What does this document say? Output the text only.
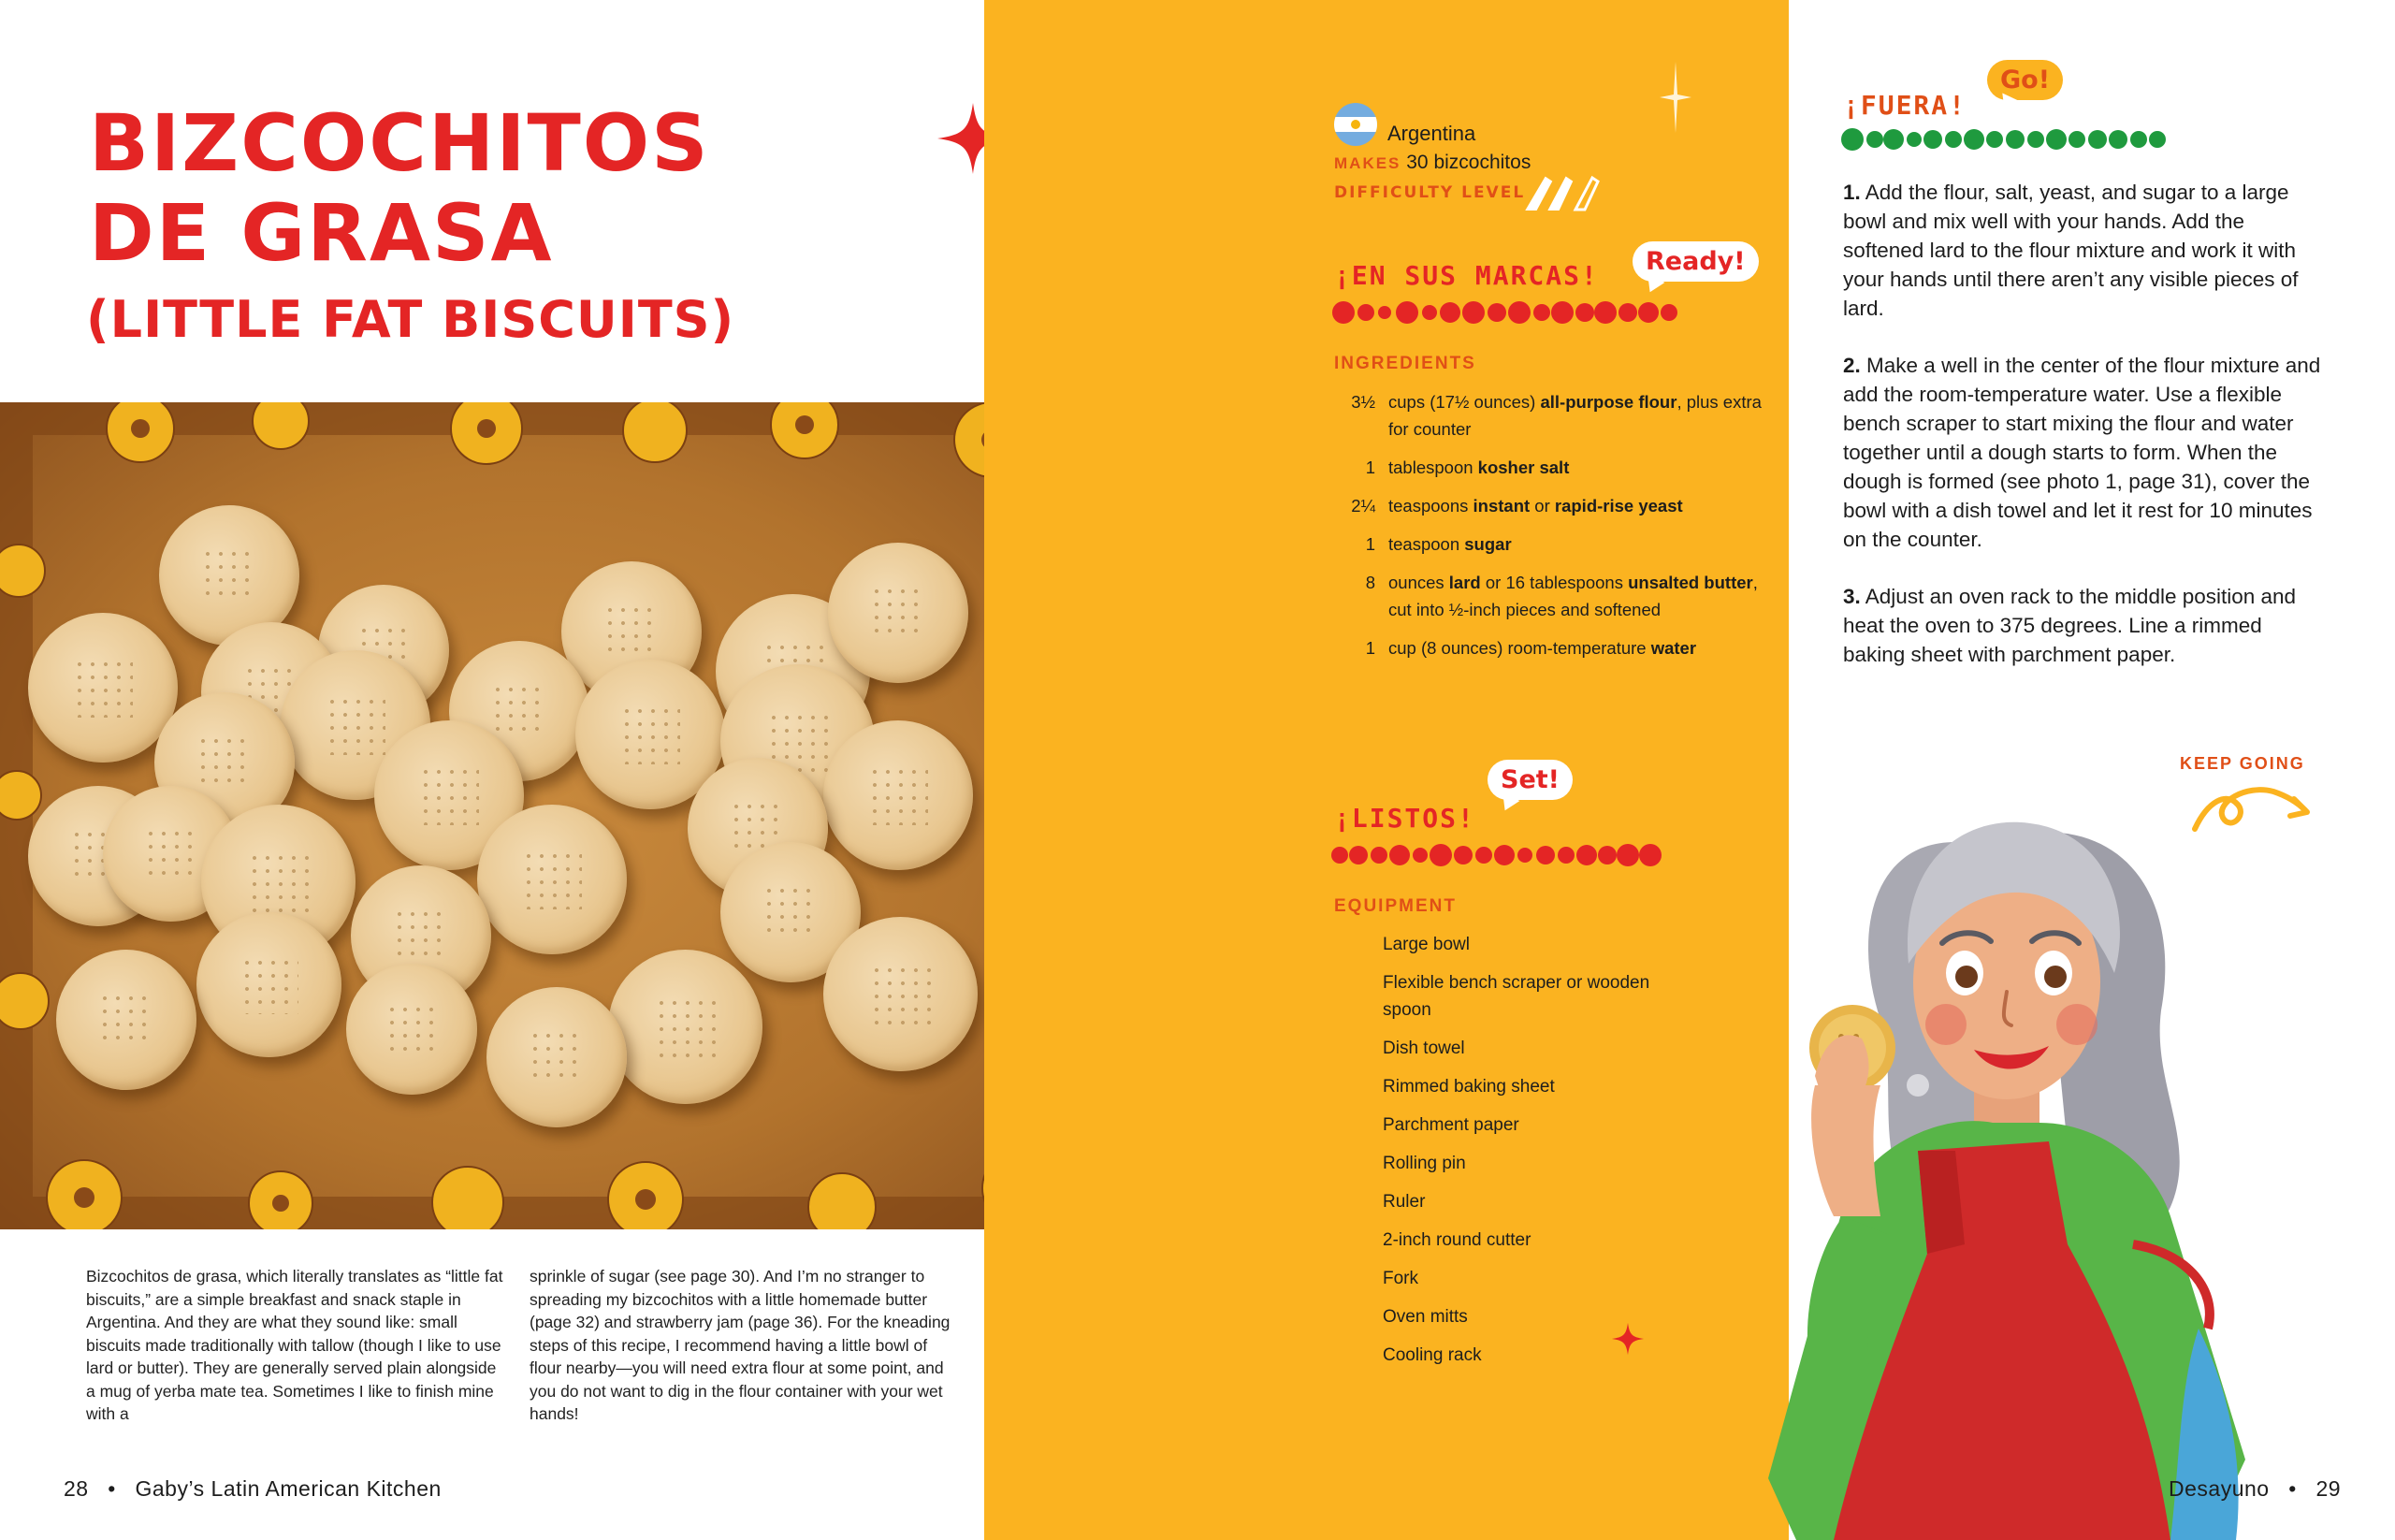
BIZCOCHITOS
DE GRASA
(LITTLE FAT BISCUITS)

Bizcochitos de grasa, which literally translates as “little fat biscuits,” are a simple breakfast and snack staple in Argentina. And they are what they sound like: small biscuits made traditionally with tallow (though I like to use lard or butter). They are generally served plain alongside a mug of yerba mate tea. Sometimes I like to finish mine with a

sprinkle of sugar (see page 30). And I’m no stranger to spreading my bizcochitos with a little homemade butter (page 32) and strawberry jam (page 36). For the kneading steps of this recipe, I recommend having a little bowl of flour nearby—you will need extra flour at some point, and you do not want to dig in the flour container with your wet hands!

28 • Gaby’s Latin American Kitchen
Argentina
MAKES 30 bizcochitos
DIFFICULTY LEVEL
¡EN SUS MARCAS!	Ready!
INGREDIENTS
3½ cups (17½ ounces) all-purpose flour, plus extra for counter
1 tablespoon kosher salt
2¼ teaspoons instant or rapid-rise yeast
1 teaspoon sugar
8 ounces lard or 16 tablespoons unsalted butter, cut into ½-inch pieces and softened
1 cup (8 ounces) room-temperature water
¡LISTOS!
Set!
EQUIPMENT
Large bowl
Flexible bench scraper or wooden spoon
Dish towel
Rimmed baking sheet
Parchment paper
Rolling pin
Ruler
2-inch round cutter
Fork
Oven mitts
Cooling rack
¡FUERA!
Go!

1. Add the flour, salt, yeast, and sugar to a large bowl and mix well with your hands. Add the softened lard to the flour mixture and work it with your hands until there aren’t any visible pieces of lard.

2. Make a well in the center of the flour mixture and add the room-temperature water. Use a flexible bench scraper to start mixing the flour and water together until a dough starts to form. When the dough is formed (see photo 1, page 31), cover the bowl with a dish towel and let it rest for 10 minutes on the counter.

3. Adjust an oven rack to the middle position and heat the oven to 375 degrees. Line a rimmed baking sheet with parchment paper.

KEEP GOING
Desayuno • 29
